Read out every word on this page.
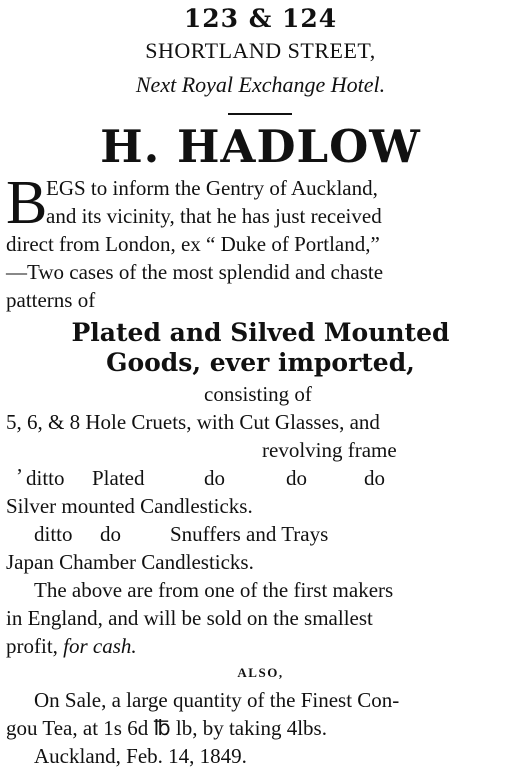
123 & 124
SHORTLAND STREET,
Next Royal Exchange Hotel.
H. HADLOW
B
EGS to inform the Gentry of Auckland,
and its vicinity, that he has just received
direct from London, ex “ Duke of Portland,”
—Two cases of the most splendid and chaste
patterns of
Plated and Silved Mounted
Goods, ever imported,
consisting of
5, 6, & 8 Hole Cruets, with Cut Glasses, and
revolving frame
’ ditto Plated	do	do	do
Silver mounted Candlesticks.
ditto do Snuffers and Trays
Japan Chamber Candlesticks.
The above are from one of the first makers
in England, and will be sold on the smallest
profit, for cash.
ALSO,
On Sale, a large quantity of the Finest Con-
gou Tea, at 1s 6d ℔ lb, by taking 4lbs.
Auckland, Feb. 14, 1849.
